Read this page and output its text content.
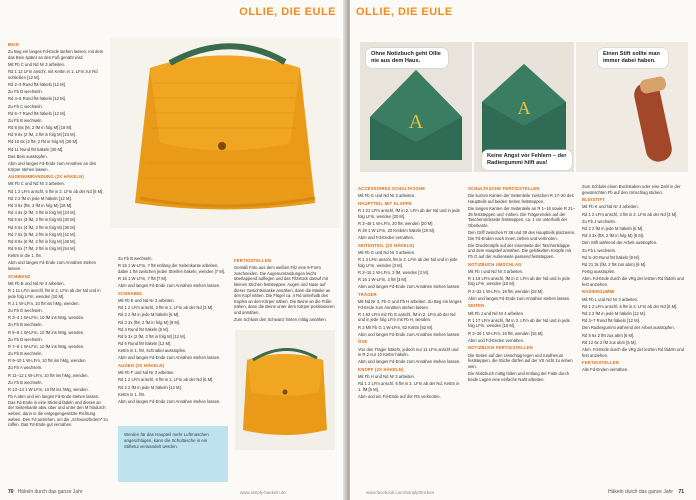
OLLIE, DIE EULE

BEIN

Zu Beg ein langes Fd-Ende stehen lassen, mit dem das Bein später an den Fuß genäht wird.

Mit Fb C und Nd Nr 3 arbeiten.

Rd 1 12 LFm anschl, mit Kettm in 1. LFm zur Rd schließen [12 M].

Rd 2–3 Rund fM häkeln [12 M].

Zu Fb D wechseln.

Rd 4–5 Rund fM häkeln [12 M].

Zu Fb C wechseln.

Rd 6–7 Rund fM häkeln [12 M].

Zu Fb B wechseln.

Rd 8 (6x [M, 2 fM in folg M] [18 M].

Rd 9 6x (2 fM, 2 fM in folg M) [24 M].

Rd 10 6x (3 fM, 2 fM in folg M) [30 M].

Rd 11 Rund fM häkeln [30 M].

Das Bein ausstopfen.

Abm und langes Fd-Ende zum Annähen an den Körper stehen lassen.

AUGENUMRANDUNG (2X HÄKELN)

Mit Fb C und Nd Nr 3 arbeiten.

Rd 1 2 LFm anschl, 6 fM in 2. LFm ab der Nd [6 M].

Rd 2 2 fM in jede M häkeln [12 M].

Rd 3 6x (fM, 2 fM in folg M) [18 M].

Rd 4 6x (2 fM, 2 fM in folg M) [24 M].

Rd 5 6x (3 fM, 2 fM in folg M) [30 M].

Rd 6 6x (4 fM, 2 fM in folg M) [36 M].

Rd 7 6x (5 fM, 2 fM in folg M) [42 M].

Rd 8 6x (6 fM, 2 fM in folg M) [48 M].

Rd 9 6x (7 fM, 2 fM in folg M) [54 M].

Kettm in die 1. fM.

Abm und langes Fd-Ende zum Annähen stehen lassen.

SCHWANZ

Mit Fb B und Nd Nr 3 arbeiten.

R 1 11 LFm anschl, fM in 2. LFm ab der Nd und in jede folg LFm, wenden [10 M].

R 2 1 W-LFm, 10 fM ins hMg, wenden.

Zu Fb D wechseln.

R 3–4 1 W-LFm, 10 fM ins hMg, wenden.

Zu Fb B wechseln.

R 5–6 1 W-LFm, 10 fM ins hMg, wenden.

Zu Fb D wechseln.

R 7–8 1 W-LFm, 10 fM ins hMg, wenden.

Zu Fb B wechseln.

R 9–10 1 W-LFm, 10 fM ins hMg, wenden.

Zu Fb A wechseln.

R 11–12 1 W-LFm, 10 fM ins hMg, wenden.

Zu Fb B wechseln.

R 13–14 1 W-LFm, 10 fM ins hMg, wenden.

Fb A abm und ein langes Fd-Ende stehen lassen. Das Fd-Ende in eine Sticknd fädeln und dieses an der Seitenkante abw. über und unter den M hindurch weben, dann in die entgegengesetzte Richtung weben. Den Fd anziehen, um die „Schwanzfedern“ zu raffen. Das Fd-Ende gut vernähen.

Zu Fb B wechseln.

R 15 1 W-LFm, 7 fM entlang der Seitenkante arbeiten, dabei 1 fM zwischen jeden Streifen häkeln, wenden [7 M].

R 16 1 W-LFm, 7 fM [7 M].

Abm und langes Fd-Ende zum Annähen stehen lassen.

SCHNABEL

Mit Fb E und Nd Nr 3 arbeiten.

Rd 1 2 LFm anschl, 3 fM in 2. LFm ab der Nd [3 M].

Rd 2 2 fM in jede M häkeln [6 M].

Rd 3 3x (fM, 2 fM in folg M) [9 M].

Rd 4 Rund fM häkeln [9 M].

Rd 5 3x (2 fM, 2 fM in folg M) [12 M].

Rd 6 Rund fM häkeln [12 M].

Kettm in 1. fM, Schnabel ausstopfen.

Abm und langes Fd-Ende zum Annähen stehen lassen.

AUGEN (2X HÄKELN)

Mit Fb F und Nd Nr 3 arbeiten.

Rd 1 2 LFm anschl, 6 fM in 2. LFm ab der Nd [6 M].

Rd 2 2 fM in jede M häkeln [12 M].

Kettm in 1. fM.

Abm und langes Fd-Ende zum Annähen stehen lassen.

FERTIGSTELLEN

Gemäß Foto aus dem weißen Filz eine 8-Form zuschneiden. Die Augenumrandungen leicht überlappend auflegen und das Filzstück darauf mit kleinen Stichen feststeppen. Augen und Nase auf dieser Gesichtsmaske annähen, dann die Maske an den Kopf nähen. Die Flügel ca. 4 Rd unterhalb des Kopfes an den Körper nähen. Die Beine an die Füße nähen, dann die Beine unter dem Körper positionieren und annähen.

Zum Schluss den Schwanz hinten mittig annähen.

Werden für das Haupteil mehr Luftmaschen angeschlagen, kann die Schultasche in ein Stiftetui verwandelt werden.
70 Häkeln durch das ganze Jahr	www.simply-haekeln.de
OLLIE, DIE EULE
A
A
Ohne Notizbuch geht Ollie nie aus dem Haus.
Keine Angst vor Fehlern – der Radiergummi hilft aus!
Einen Stift sollte man immer dabei haben.

ACCESSOIRES SCHULTASCHE

Mit Fb G und Nd Nr 3 arbeiten.

HAUPTTEIL MIT KLAPPE

R 1 21 LFm anschl, fM in 2. LFm ab der Nd und in jede folg LFm, wenden [20 M].

R 2–48 1 W-LFm, 20 fM, wenden [20 M].

R 49 1 W-LFm, 20 Krebsm häkeln [20 M].

Abm und Fd-Enden vernähen.

SEITENTEIL (2X HÄKELN)

Mit Fb G und Nd Nr 3 arbeiten.

R 1 4 LFm anschl, fM in 2. LFm ab der Nd und in jede folg LFm, wenden [3 M].

R 2–15 1 W-LFm, 3 fM, wenden [3 M].

R 16 1 W-LFm, 3 fM [3 M].

Abm und langes Fd-Ende zum Annähen stehen lassen.

TRÄGER

Mit Nd Nr 3, Fb G und Fb H arbeiten. Zu Beg ein langes Fd-Ende zum Annähen stehen lassen.

R 1 63 LFm mit Fb G anschl, fM in 2. LFm ab der Nd und in jede folg LFm mit Fb H, wenden.

R 2 Mit Fb G 1 W-LFm, 62 Kettm [62 M].

Abm und langes Fd-Ende zum Annähen stehen lassen.

ÖSE

Von den Träger häkeln, jedoch nur 11 LFm anschl und in R 2 nur 10 Kettm häkeln.

Abm und langes Fd-Ende zum Annähen stehen lassen.

KNOPF (2X HÄKELN)

Mit Fb H und Nd Nr 3 arbeiten.

Rd 1 2 LFm anschl, 6 fM in 2. LFm ab der Nd, Kettm in 1. fM [6 M].

Abm und ein Fd-Ende auf der RS verknoten.

SCHULTASCHE FERTIGSTELLEN

Die kurzen Kanten der Seitenteile zwischen R 17–20 des Hauptteils auf beiden Seiten feststeppen.

Die langen Kanten der Seitenteile an R 1–16 sowie R 21–36 feststeppen und -nähen. Die Trägerenden auf der Taschenrückseite feststeppen, ca. 1 cm unterhalb der Oberkante.

Den Griff zwischen R 38 und 39 des Hauptteils platzieren. Die Fd-Enden nach innen ziehen und verknoten.

Die Druckknöpfe auf der Innenseite der Taschenklappe und dem Hauptteil annähen. Die gehäkelten Knöpfe mit Fb G auf der Außenseite passend feststeppen.

NOTIZBUCH UMSCHLAG

Mit Fb I und Nd Nr 3 arbeiten.

R 1 19 LFm anschl, fM in 2. LFm ab der Nd und in jede folg LFm, wenden [18 M].

R 2–32 1 W-LFm, 18 fM, wenden [18 M].

Abm und langes Fd-Ende zum Annähen stehen lassen.

SEITEN

Mit Fb J und Nd Nr 4 arbeiten.

R 1 17 LFm anschl, fM in 2. LFm ab der Nd und in jede folg LFm, wenden [16 M].

R 2–26 1 W-LFm, 16 fM, wenden [16 M].

Abm und Fd-Enden vernähen.

NOTIZBUCH FERTIGSTELLEN

Die Seiten auf den Umschlag legen und rundherum feststeppen, die Stiche dürfen auf der VS nicht zu sehen sein.

Die Notizbuch mittig falten und entlang der Falte durch beide Lagen eine einfache Naht arbeiten.

Zum Schluss einen Buchstaben oder eine Zahl in der gewünschten Fb auf den Umschlag sticken.

BLEISTIFT

Mit Fb K und Nd Nr 3 arbeiten.

Rd 1 2 LFm anschl, 3 fM in 2. LFm ab der Nd [3 M].

Zu Fb J wechseln.

Rd 2 2 fM in jede M häkeln [6 M].

Rd 3 3x (fM, 2 fM in folg M) [9 M].

Den Stift während der Arbeit ausstopfen.

Zu Fb L wechseln.

Rd 5–20 Rund fM häkeln [9 M].

Rd 21 3x (fM, 2 fM zus abm) [6 M].

Fertig ausstopfen.

Abm. Fd-Ende durch die vRg der letzten Rd fädeln und fest anziehen.

RADIERGUMMI

Mit Fb L und Nd Nr 3 arbeiten.

Rd 1 2 LFm anschl, 6 fM in 2. LFm ab der Nd [6 M].

Rd 2 2 fM in jede M häkeln [12 M].

Rd 3–7 Rund fM häkeln [12 M].

Den Radiergummi während der Arbeit ausstopfen.

Rd 8 6x 2 fM zus abm [6 M].

Rd 12 6x 2 fM zus abm [6 M].

Abm. Fd-Ende durch die vRg der letzten Rd fädeln und fest anziehen.

FERTIGSTELLEN

Alle Fd-Enden vernähen.

www.facebook.com/SimplyStricken	Häkeln durch das ganze Jahr 71
